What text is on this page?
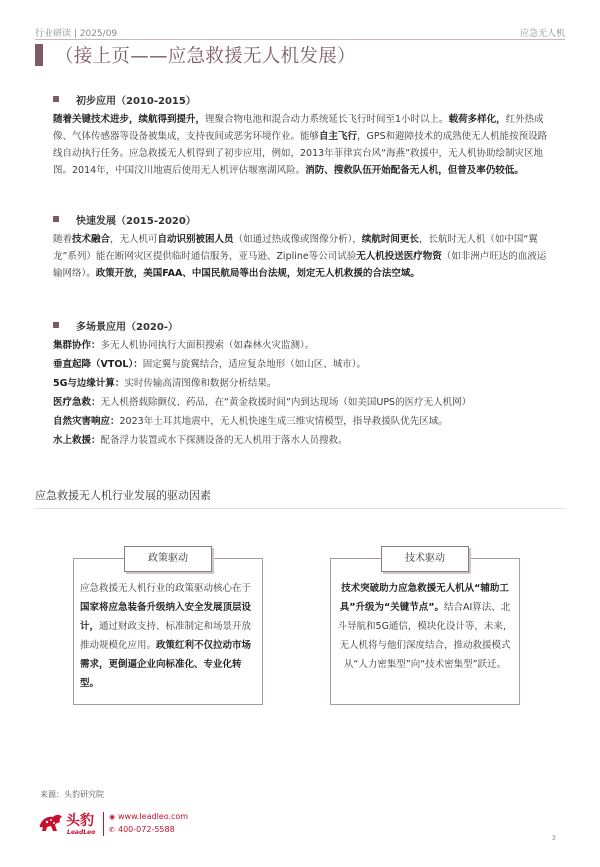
行业研读 | 2025/09	应急无人机
（接上页——应急救援无人机发展）
初步应用（2010-2015）
随着关键技术进步，续航得到提升，锂聚合物电池和混合动力系统延长飞行时间至1小时以上。载荷多样化，红外热成像、气体传感器等设备被集成，支持夜间或恶劣环境作业。能够自主飞行，GPS和避障技术的成熟使无人机能按预设路线自动执行任务。应急救援无人机得到了初步应用，例如，2013年菲律宾台风“海燕”救援中，无人机协助绘制灾区地图。2014年，中国汶川地震后使用无人机评估堰塞湖风险。消防、搜救队伍开始配备无人机，但普及率仍较低。
快速发展（2015-2020）
随着技术融合，无人机可自动识别被困人员（如通过热成像或图像分析），续航时间更长，长航时无人机（如中国“翼龙”系列）能在断网灾区提供临时通信服务，亚马逊、Zipline等公司试验无人机投送医疗物资（如非洲卢旺达的血液运输网络）。政策开放，美国FAA、中国民航局等出台法规，划定无人机救援的合法空域。
多场景应用（2020-）
集群协作：多无人机协同执行大面积搜索（如森林火灾监测）。
垂直起降（VTOL）：固定翼与旋翼结合，适应复杂地形（如山区、城市）。
5G与边缘计算：实时传输高清图像和数据分析结果。
医疗急救：无人机搭载除颤仪、药品，在“黄金救援时间”内到达现场（如美国UPS的医疗无人机网）
自然灾害响应：2023年土耳其地震中，无人机快速生成三维灾情模型，指导救援队优先区域。
水上救援：配备浮力装置或水下探测设备的无人机用于落水人员搜救。
应急救援无人机行业发展的驱动因素
政策驱动
应急救援无人机行业的政策驱动核心在于国家将应急装备升级纳入安全发展顶层设计，通过财政支持、标准制定和场景开放推动规模化应用。政策红利不仅拉动市场需求，更倒逼企业向标准化、专业化转型。
技术驱动
技术突破助力应急救援无人机从“辅助工具”升级为“关键节点”。结合AI算法、北斗导航和5G通信，模块化设计等，未来，无人机将与他们深度结合，推动救援模式从“人力密集型”向“技术密集型”跃迁。
来源：头豹研究院
头豹
LeadLeo
◉ www.leadleo.com
✆ 400-072-5588
3
